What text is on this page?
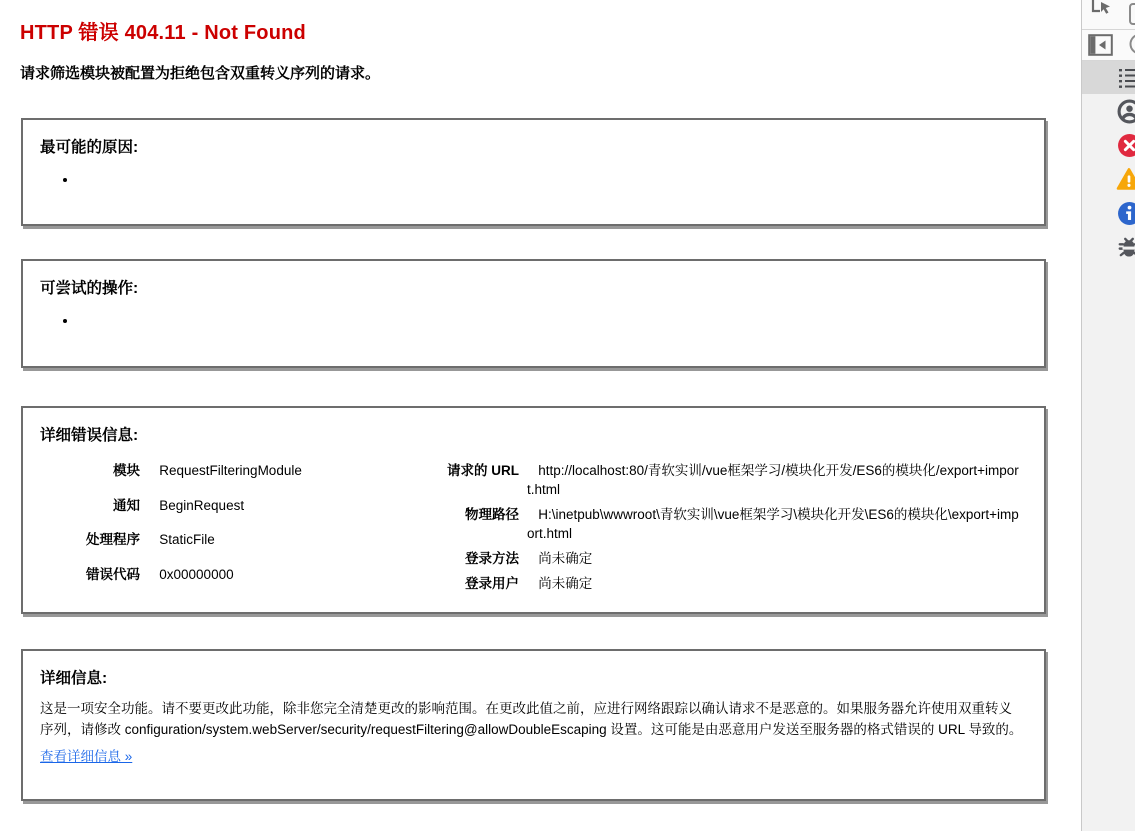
HTTP 错误 404.11 - Not Found

请求筛选模块被配置为拒绝包含双重转义序列的请求。

最可能的原因:
•
可尝试的操作:
•
详细错误信息:
模块	RequestFilteringModule
通知	BeginRequest
处理程序	StaticFile
错误代码	0x00000000
请求的 URL	http://localhost:80/青软实训/vue框架学习/模块化开发/ES6的模块化/export+import.html
物理路径	H:\inetpub\wwwroot\青软实训\vue框架学习\模块化开发\ES6的模块化\export+import.html
登录方法	尚未确定
登录用户	尚未确定
详细信息:

这是一项安全功能。请不要更改此功能，除非您完全清楚更改的影响范围。在更改此值之前，应进行网络跟踪以确认请求不是恶意的。如果服务器允许使用双重转义序列，请修改 configuration/system.webServer/security/requestFiltering@allowDoubleEscaping 设置。这可能是由恶意用户发送至服务器的格式错误的 URL 导致的。

查看详细信息 »
